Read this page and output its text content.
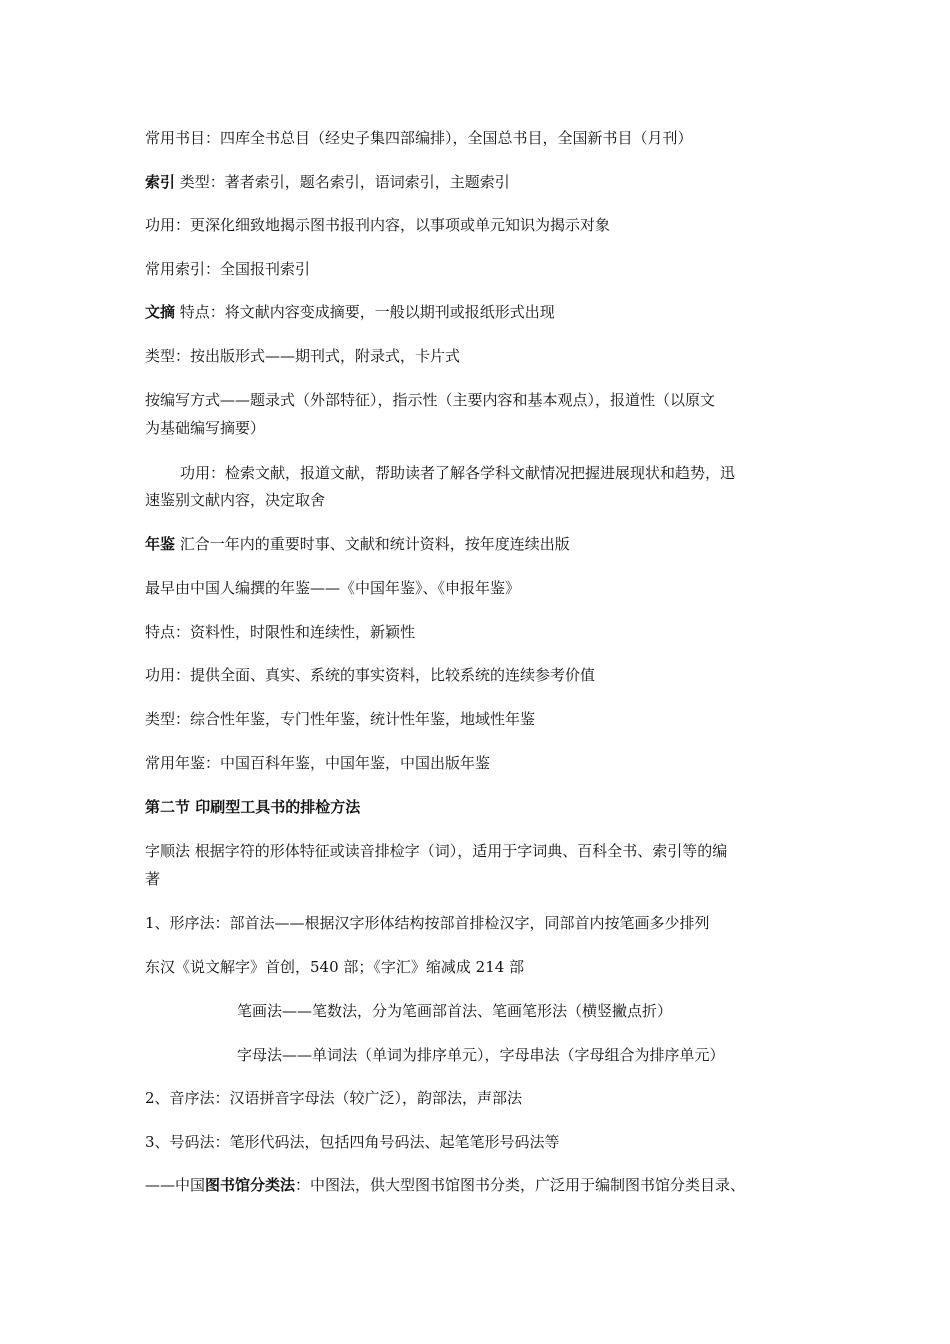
常用书目：四库全书总目（经史子集四部编排），全国总书目，全国新书目（月刊）
索引 类型：著者索引，题名索引，语词索引，主题索引
功用：更深化细致地揭示图书报刊内容，以事项或单元知识为揭示对象
常用索引：全国报刊索引
文摘 特点：将文献内容变成摘要，一般以期刊或报纸形式出现
类型：按出版形式——期刊式，附录式，卡片式
按编写方式——题录式（外部特征），指示性（主要内容和基本观点），报道性（以原文
为基础编写摘要）
功用：检索文献，报道文献，帮助读者了解各学科文献情况把握进展现状和趋势，迅
速鉴别文献内容，决定取舍
年鉴 汇合一年内的重要时事、文献和统计资料，按年度连续出版
最早由中国人编撰的年鉴——《中国年鉴》、《申报年鉴》
特点：资料性，时限性和连续性，新颖性
功用：提供全面、真实、系统的事实资料，比较系统的连续参考价值
类型：综合性年鉴，专门性年鉴，统计性年鉴，地域性年鉴
常用年鉴：中国百科年鉴，中国年鉴，中国出版年鉴
第二节 印刷型工具书的排检方法
字顺法 根据字符的形体特征或读音排检字（词），适用于字词典、百科全书、索引等的编
著
1、形序法：部首法——根据汉字形体结构按部首排检汉字，同部首内按笔画多少排列
东汉《说文解字》首创，540 部；《字汇》缩减成 214 部
笔画法——笔数法，分为笔画部首法、笔画笔形法（横竖撇点折）
字母法——单词法（单词为排序单元），字母串法（字母组合为排序单元）
2、音序法：汉语拼音字母法（较广泛），韵部法，声部法
3、号码法：笔形代码法，包括四角号码法、起笔笔形号码法等
——中国图书馆分类法：中图法，供大型图书馆图书分类，广泛用于编制图书馆分类目录、
